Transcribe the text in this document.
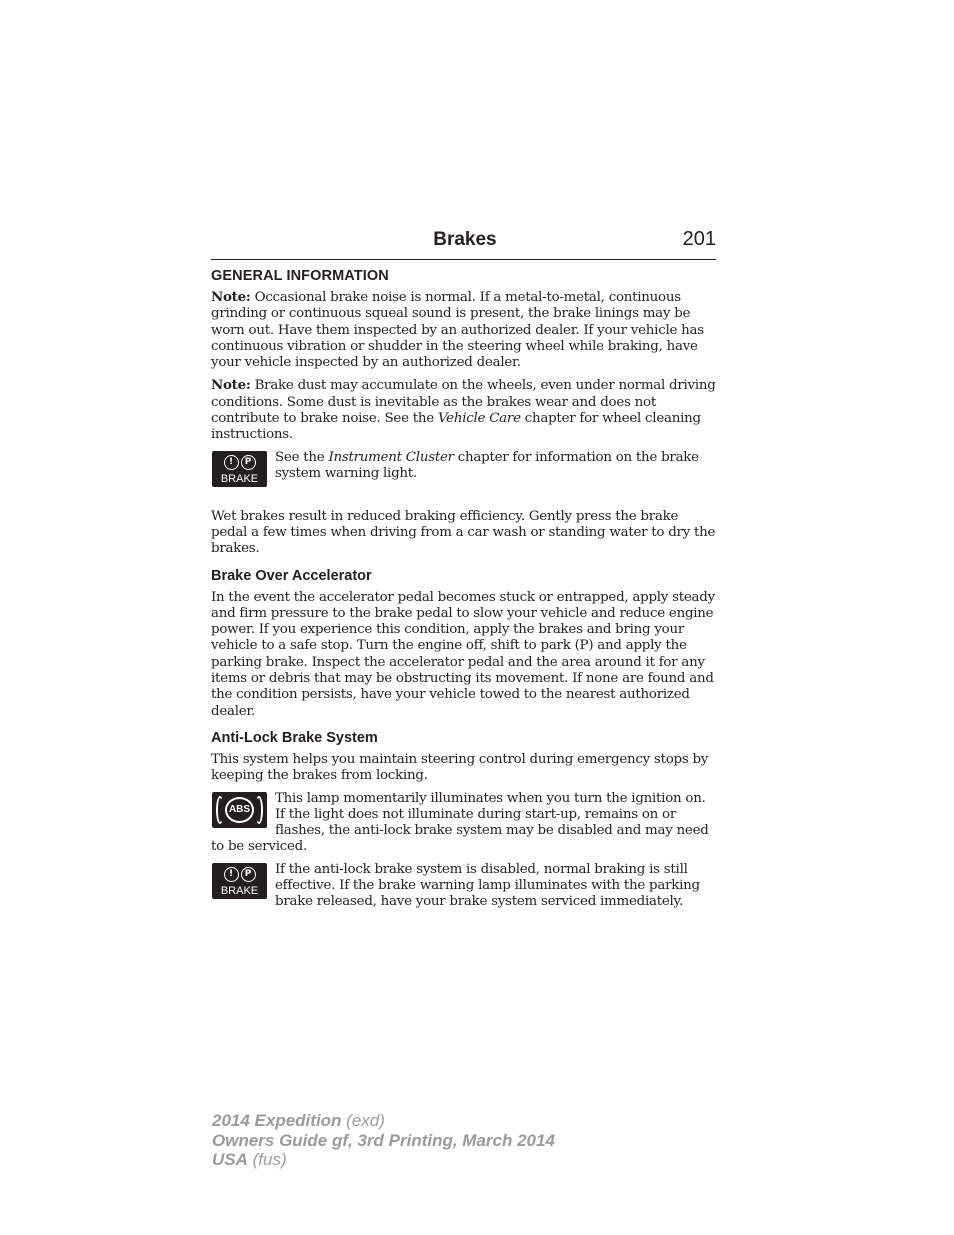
Brakes	201
GENERAL INFORMATION

Note: Occasional brake noise is normal. If a metal-to-metal, continuous grinding or continuous squeal sound is present, the brake linings may be worn out. Have them inspected by an authorized dealer. If your vehicle has continuous vibration or shudder in the steering wheel while braking, have your vehicle inspected by an authorized dealer.

Note: Brake dust may accumulate on the wheels, even under normal driving conditions. Some dust is inevitable as the brakes wear and does not contribute to brake noise. See the Vehicle Care chapter for wheel cleaning instructions.

! P
BRAKE

See the Instrument Cluster chapter for information on the brake system warning light.

Wet brakes result in reduced braking efficiency. Gently press the brake pedal a few times when driving from a car wash or standing water to dry the brakes.

Brake Over Accelerator

In the event the accelerator pedal becomes stuck or entrapped, apply steady and firm pressure to the brake pedal to slow your vehicle and reduce engine power. If you experience this condition, apply the brakes and bring your vehicle to a safe stop. Turn the engine off, shift to park (P) and apply the parking brake. Inspect the accelerator pedal and the area around it for any items or debris that may be obstructing its movement. If none are found and the condition persists, have your vehicle towed to the nearest authorized dealer.

Anti-Lock Brake System

This system helps you maintain steering control during emergency stops by keeping the brakes from locking.

ABS

This lamp momentarily illuminates when you turn the ignition on. If the light does not illuminate during start-up, remains on or flashes, the anti-lock brake system may be disabled and may need to be serviced.

! P
BRAKE

If the anti-lock brake system is disabled, normal braking is still effective. If the brake warning lamp illuminates with the parking brake released, have your brake system serviced immediately.

2014 Expedition (exd)
Owners Guide gf, 3rd Printing, March 2014
USA (fus)
